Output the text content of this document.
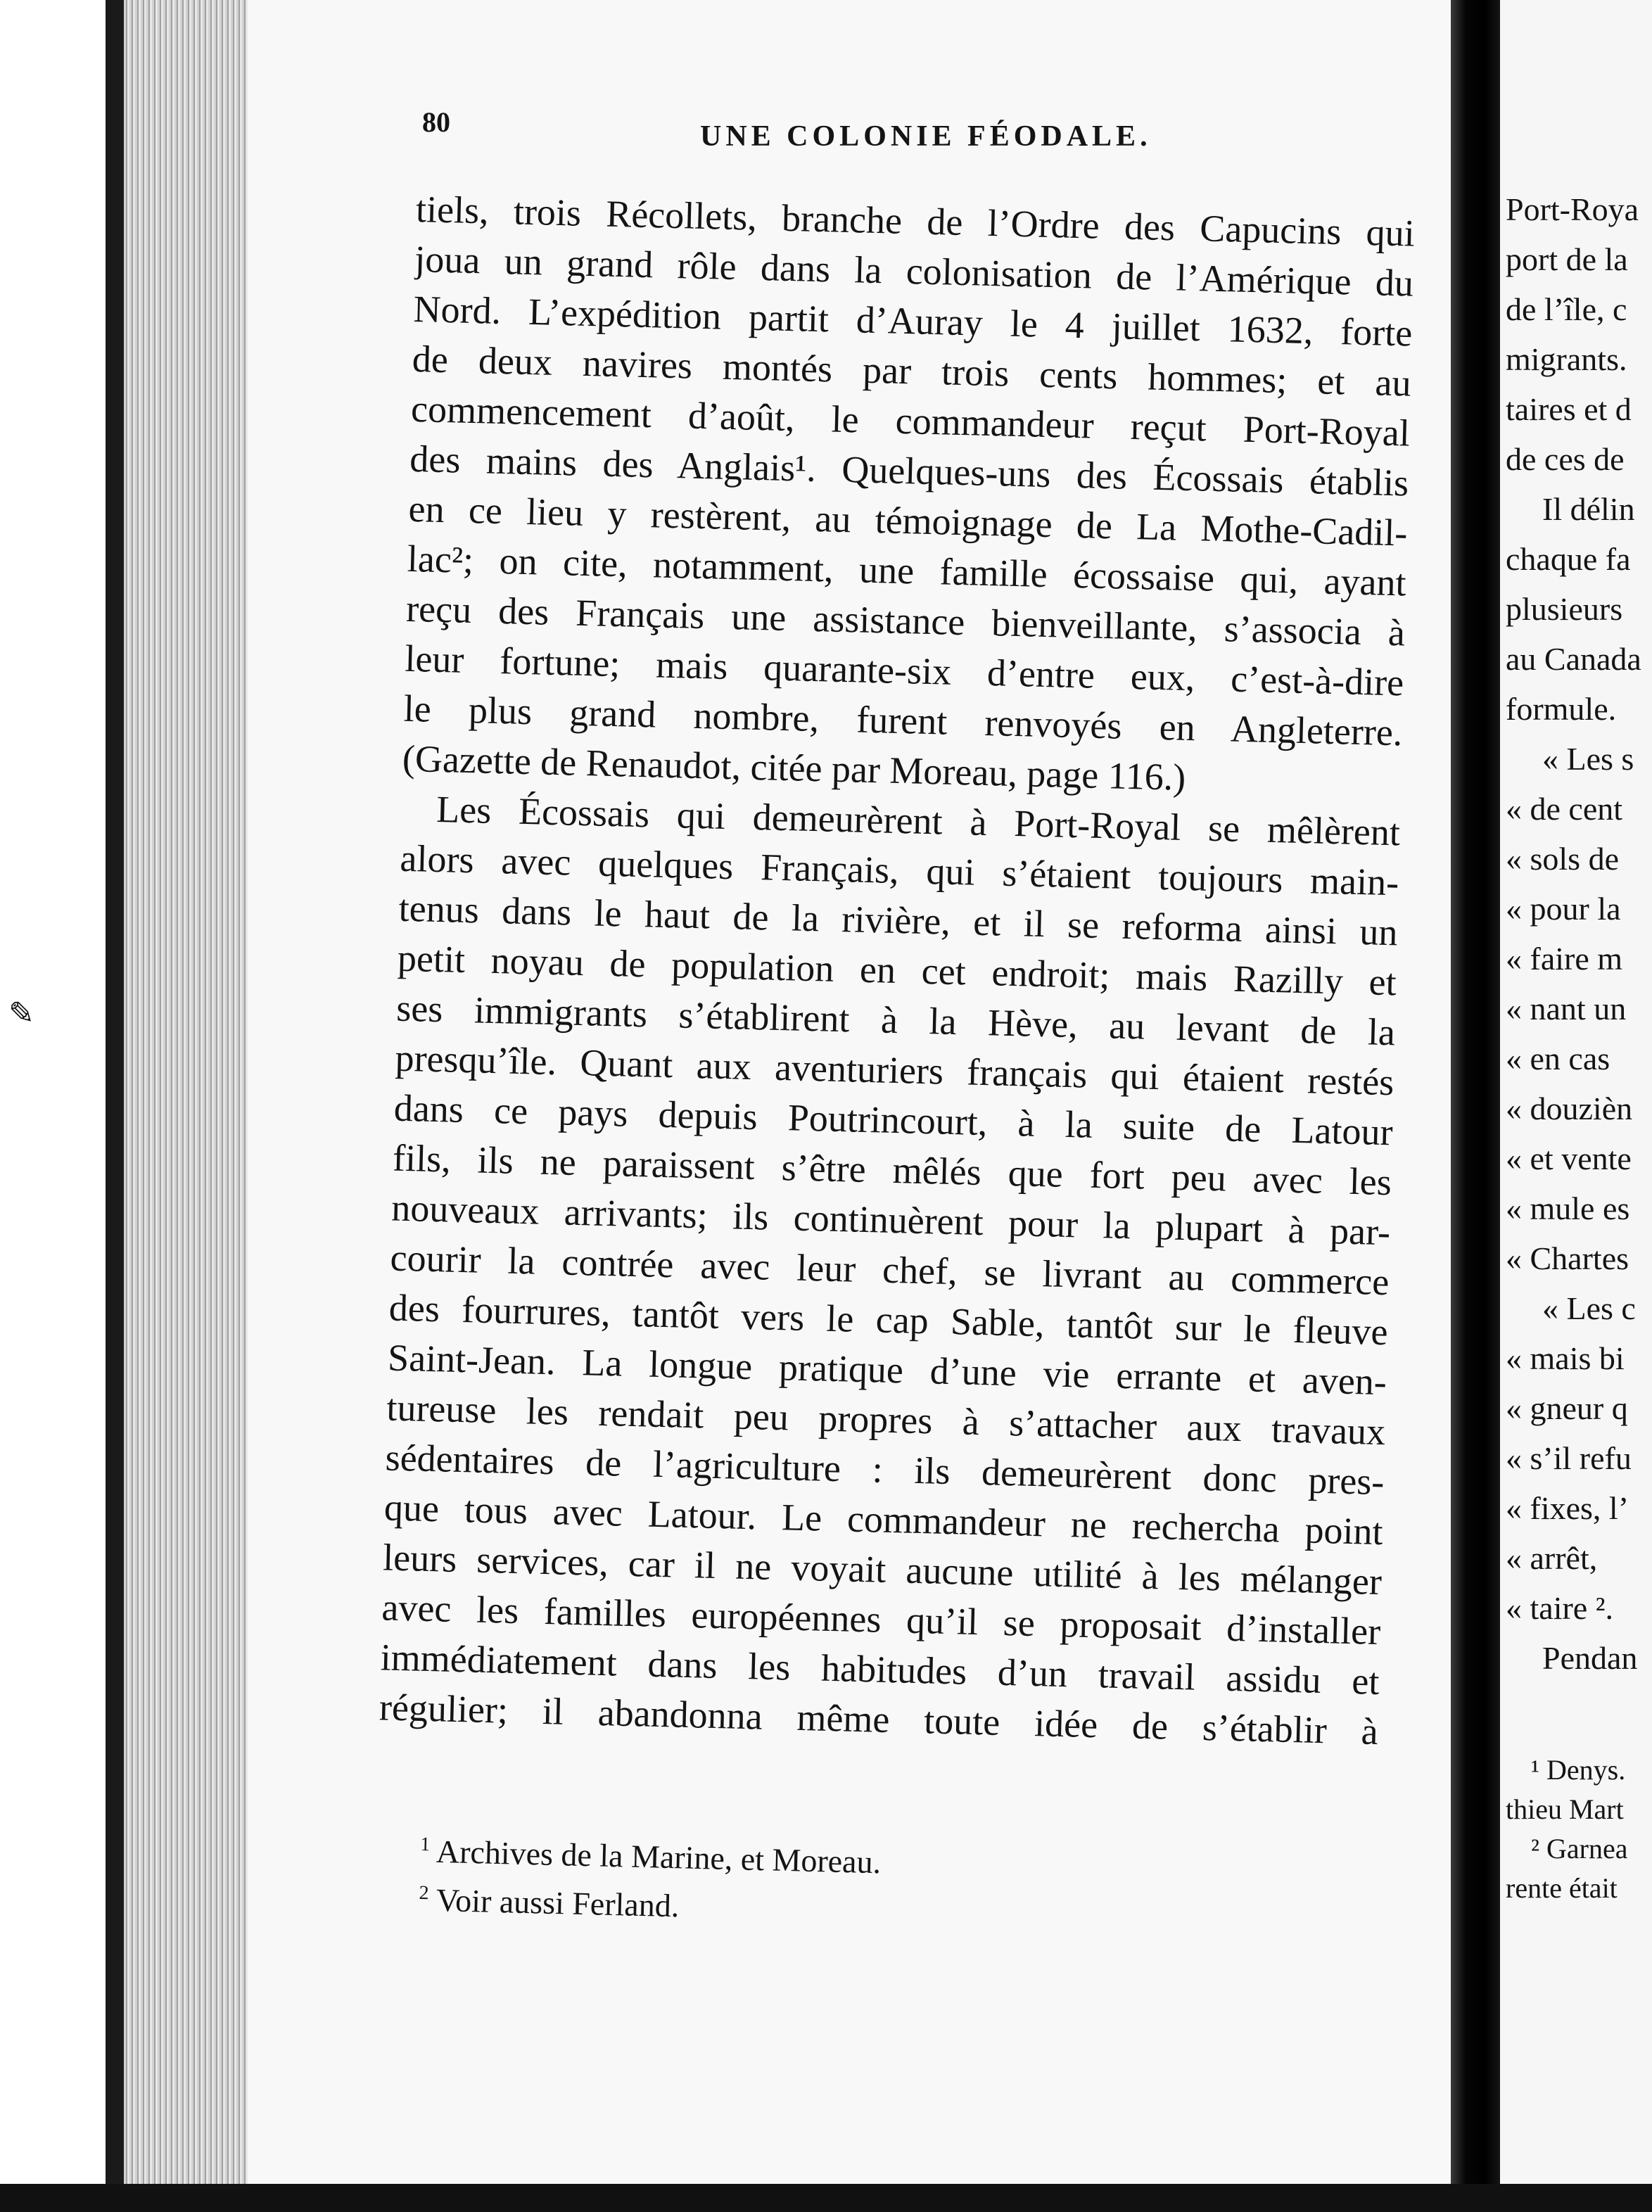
✎
80	UNE COLONIE FÉODALE.
tiels, trois Récollets, branche de l’Ordre des Capucins qui
joua un grand rôle dans la colonisation de l’Amérique du
Nord. L’expédition partit d’Auray le 4 juillet 1632, forte
de deux navires montés par trois cents hommes; et au
commencement d’août, le commandeur reçut Port-Royal
des mains des Anglais¹. Quelques-uns des Écossais établis
en ce lieu y restèrent, au témoignage de La Mothe-Cadil-
lac²; on cite, notamment, une famille écossaise qui, ayant
reçu des Français une assistance bienveillante, s’associa à
leur fortune; mais quarante-six d’entre eux, c’est-à-dire
le plus grand nombre, furent renvoyés en Angleterre.
(Gazette de Renaudot, citée par Moreau, page 116.)
Les Écossais qui demeurèrent à Port-Royal se mêlèrent
alors avec quelques Français, qui s’étaient toujours main-
tenus dans le haut de la rivière, et il se reforma ainsi un
petit noyau de population en cet endroit; mais Razilly et
ses immigrants s’établirent à la Hève, au levant de la
presqu’île. Quant aux aventuriers français qui étaient restés
dans ce pays depuis Poutrincourt, à la suite de Latour
fils, ils ne paraissent s’être mêlés que fort peu avec les
nouveaux arrivants; ils continuèrent pour la plupart à par-
courir la contrée avec leur chef, se livrant au commerce
des fourrures, tantôt vers le cap Sable, tantôt sur le fleuve
Saint-Jean. La longue pratique d’une vie errante et aven-
tureuse les rendait peu propres à s’attacher aux travaux
sédentaires de l’agriculture : ils demeurèrent donc pres-
que tous avec Latour. Le commandeur ne rechercha point
leurs services, car il ne voyait aucune utilité à les mélanger
avec les familles européennes qu’il se proposait d’installer
immédiatement dans les habitudes d’un travail assidu et
régulier; il abandonna même toute idée de s’établir à
$^1$ Archives de la Marine, et Moreau.
$^2$ Voir aussi Ferland.
Port-Roya
port de la
de l’île, c
migrants.
taires et d
de ces de
Il délin
chaque fa
plusieurs
au Canada
formule.
« Les s
« de cent
« sols de
« pour la
« faire m
« nant un
« en cas
« douzièn
« et vente
« mule es
« Chartes
« Les c
« mais bi
« gneur q
« s’il refu
« fixes, l’
« arrêt,
« taire ².
Pendan
¹ Denys.
thieu Mart
² Garnea
rente était
